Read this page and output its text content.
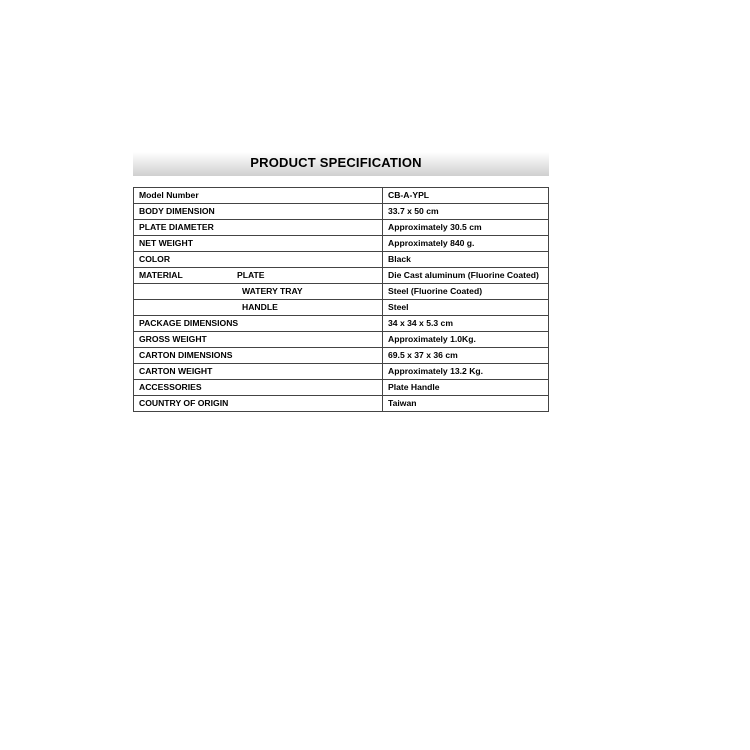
PRODUCT SPECIFICATION
Model Number	CB-A-YPL
BODY DIMENSION	33.7 x 50 cm
PLATE DIAMETER	Approximately 30.5 cm
NET WEIGHT	Approximately 840 g.
COLOR	Black
MATERIAL PLATE	Die Cast aluminum (Fluorine Coated)
WATERY TRAY	Steel (Fluorine Coated)
HANDLE	Steel
PACKAGE DIMENSIONS	34 x 34 x 5.3 cm
GROSS WEIGHT	Approximately 1.0Kg.
CARTON DIMENSIONS	69.5 x 37 x 36 cm
CARTON WEIGHT	Approximately 13.2 Kg.
ACCESSORIES	Plate Handle
COUNTRY OF ORIGIN	Taiwan
